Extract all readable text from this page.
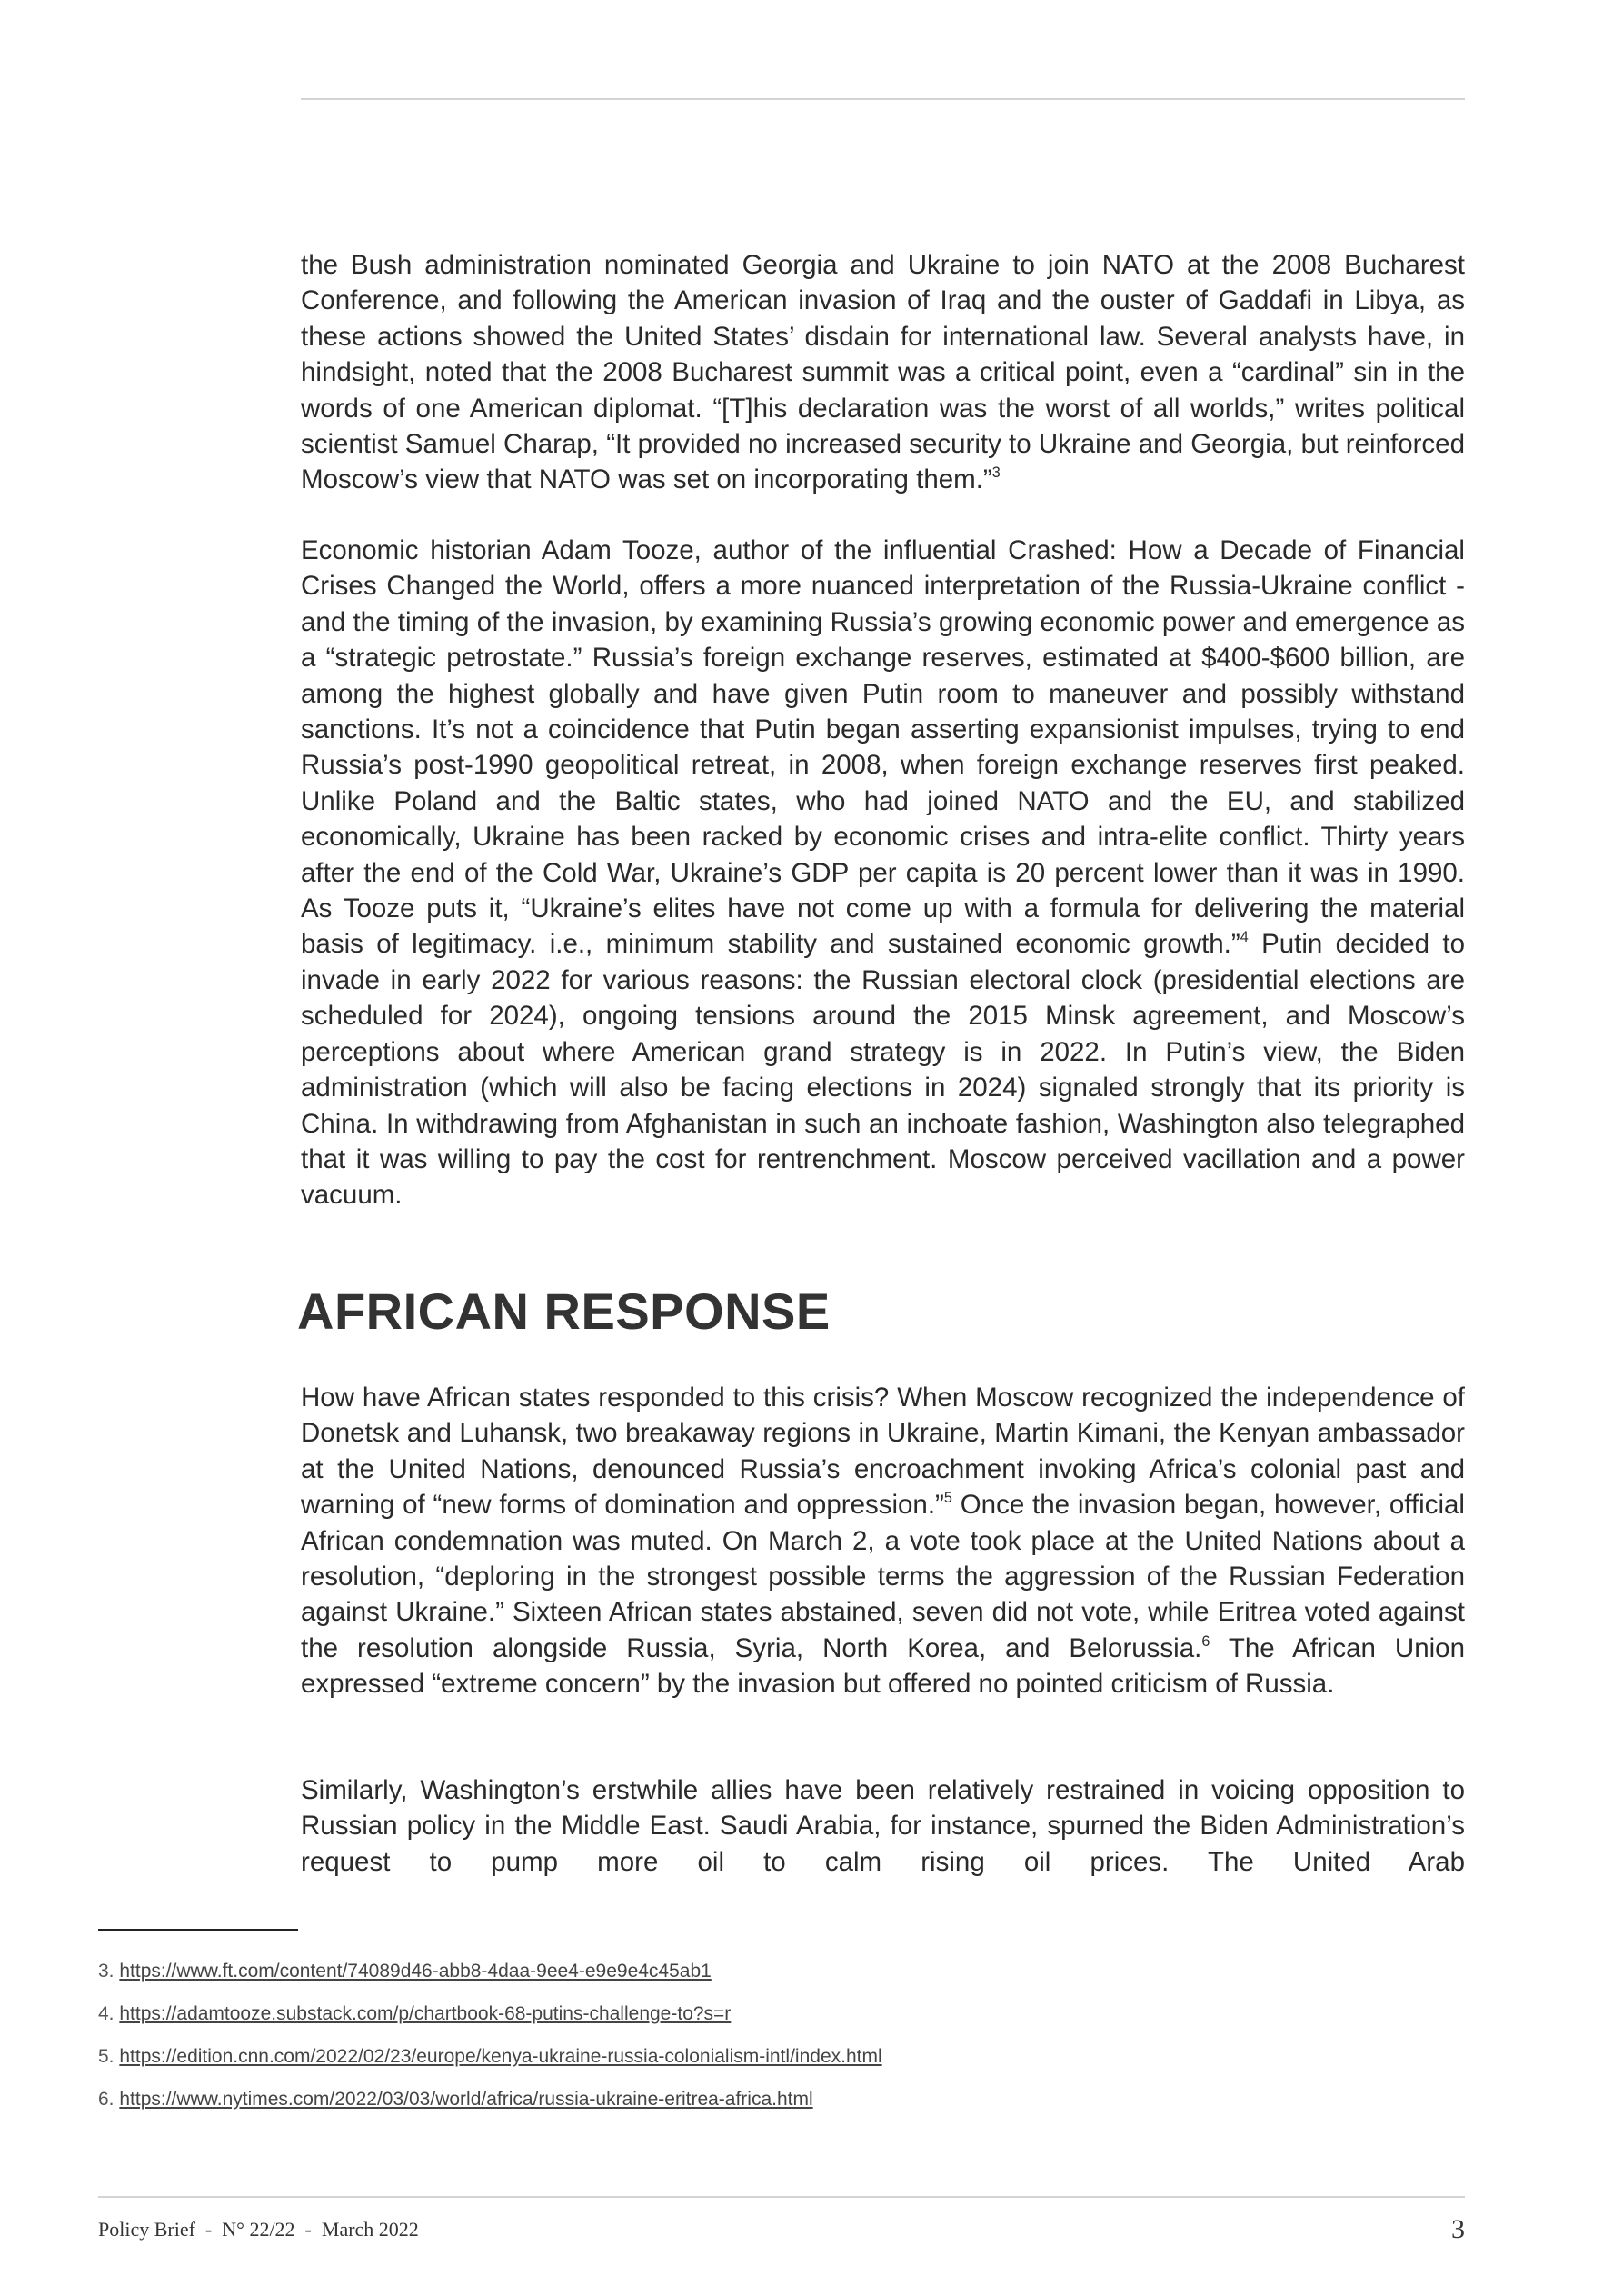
the Bush administration nominated Georgia and Ukraine to join NATO at the 2008 Bucharest Conference, and following the American invasion of Iraq and the ouster of Gaddafi in Libya, as these actions showed the United States’ disdain for international law. Several analysts have, in hindsight, noted that the 2008 Bucharest summit was a critical point, even a “cardinal” sin in the words of one American diplomat. “[T]his declaration was the worst of all worlds,” writes political scientist Samuel Charap, “It provided no increased security to Ukraine and Georgia, but reinforced Moscow’s view that NATO was set on incorporating them.”$^3$

Economic historian Adam Tooze, author of the influential Crashed: How a Decade of Financial Crises Changed the World, offers a more nuanced interpretation of the Russia-Ukraine conflict - and the timing of the invasion, by examining Russia’s growing economic power and emergence as a “strategic petrostate.” Russia’s foreign exchange reserves, estimated at $400-$600 billion, are among the highest globally and have given Putin room to maneuver and possibly withstand sanctions. It’s not a coincidence that Putin began asserting expansionist impulses, trying to end Russia’s post-1990 geopolitical retreat, in 2008, when foreign exchange reserves first peaked. Unlike Poland and the Baltic states, who had joined NATO and the EU, and stabilized economically, Ukraine has been racked by economic crises and intra-elite conflict. Thirty years after the end of the Cold War, Ukraine’s GDP per capita is 20 percent lower than it was in 1990. As Tooze puts it, “Ukraine’s elites have not come up with a formula for delivering the material basis of legitimacy. i.e., minimum stability and sustained economic growth.”$^4$ Putin decided to invade in early 2022 for various reasons: the Russian electoral clock (presidential elections are scheduled for 2024), ongoing tensions around the 2015 Minsk agreement, and Moscow’s perceptions about where American grand strategy is in 2022. In Putin’s view, the Biden administration (which will also be facing elections in 2024) signaled strongly that its priority is China. In withdrawing from Afghanistan in such an inchoate fashion, Washington also telegraphed that it was willing to pay the cost for rentrenchment. Moscow perceived vacillation and a power vacuum.

AFRICAN RESPONSE

How have African states responded to this crisis? When Moscow recognized the independence of Donetsk and Luhansk, two breakaway regions in Ukraine, Martin Kimani, the Kenyan ambassador at the United Nations, denounced Russia’s encroachment invoking Africa’s colonial past and warning of “new forms of domination and oppression.”$^5$ Once the invasion began, however, official African condemnation was muted. On March 2, a vote took place at the United Nations about a resolution, “deploring in the strongest possible terms the aggression of the Russian Federation against Ukraine.” Sixteen African states abstained, seven did not vote, while Eritrea voted against the resolution alongside Russia, Syria, North Korea, and Belorussia.$^6$ The African Union expressed “extreme concern” by the invasion but offered no pointed criticism of Russia.

Similarly, Washington’s erstwhile allies have been relatively restrained in voicing opposition to Russian policy in the Middle East. Saudi Arabia, for instance, spurned the Biden Administration’s request to pump more oil to calm rising oil prices. The United Arab

3. https://www.ft.com/content/74089d46-abb8-4daa-9ee4-e9e9e4c45ab1
4. https://adamtooze.substack.com/p/chartbook-68-putins-challenge-to?s=r
5. https://edition.cnn.com/2022/02/23/europe/kenya-ukraine-russia-colonialism-intl/index.html
6. https://www.nytimes.com/2022/03/03/world/africa/russia-ukraine-eritrea-africa.html
Policy Brief  -  N° 22/22  -  March 2022	3
